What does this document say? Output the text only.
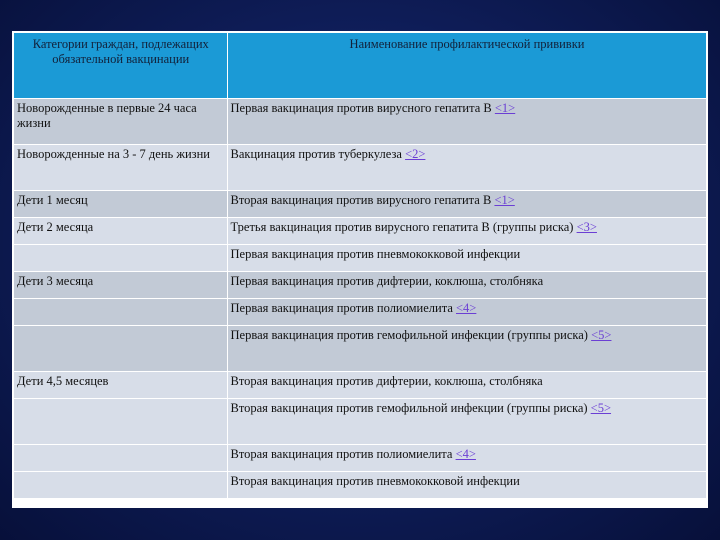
Категории граждан, подлежащих обязательной вакцинации	Наименование профилактической прививки
Новорожденные в первые 24 часа жизни	Первая вакцинация против вирусного гепатита В <1>
Новорожденные на 3 - 7 день жизни	Вакцинация против туберкулеза <2>
Дети 1 месяц	Вторая вакцинация против вирусного гепатита В <1>
Дети 2 месяца	Третья вакцинация против вирусного гепатита В (группы риска) <3>
	Первая вакцинация против пневмококковой инфекции
Дети 3 месяца	Первая вакцинация против дифтерии, коклюша, столбняка
	Первая вакцинация против полиомиелита <4>
	Первая вакцинация против гемофильной инфекции (группы риска) <5>
Дети 4,5 месяцев	Вторая вакцинация против дифтерии, коклюша, столбняка
	Вторая вакцинация против гемофильной инфекции (группы риска) <5>
	Вторая вакцинация против полиомиелита <4>
	Вторая вакцинация против пневмококковой инфекции
